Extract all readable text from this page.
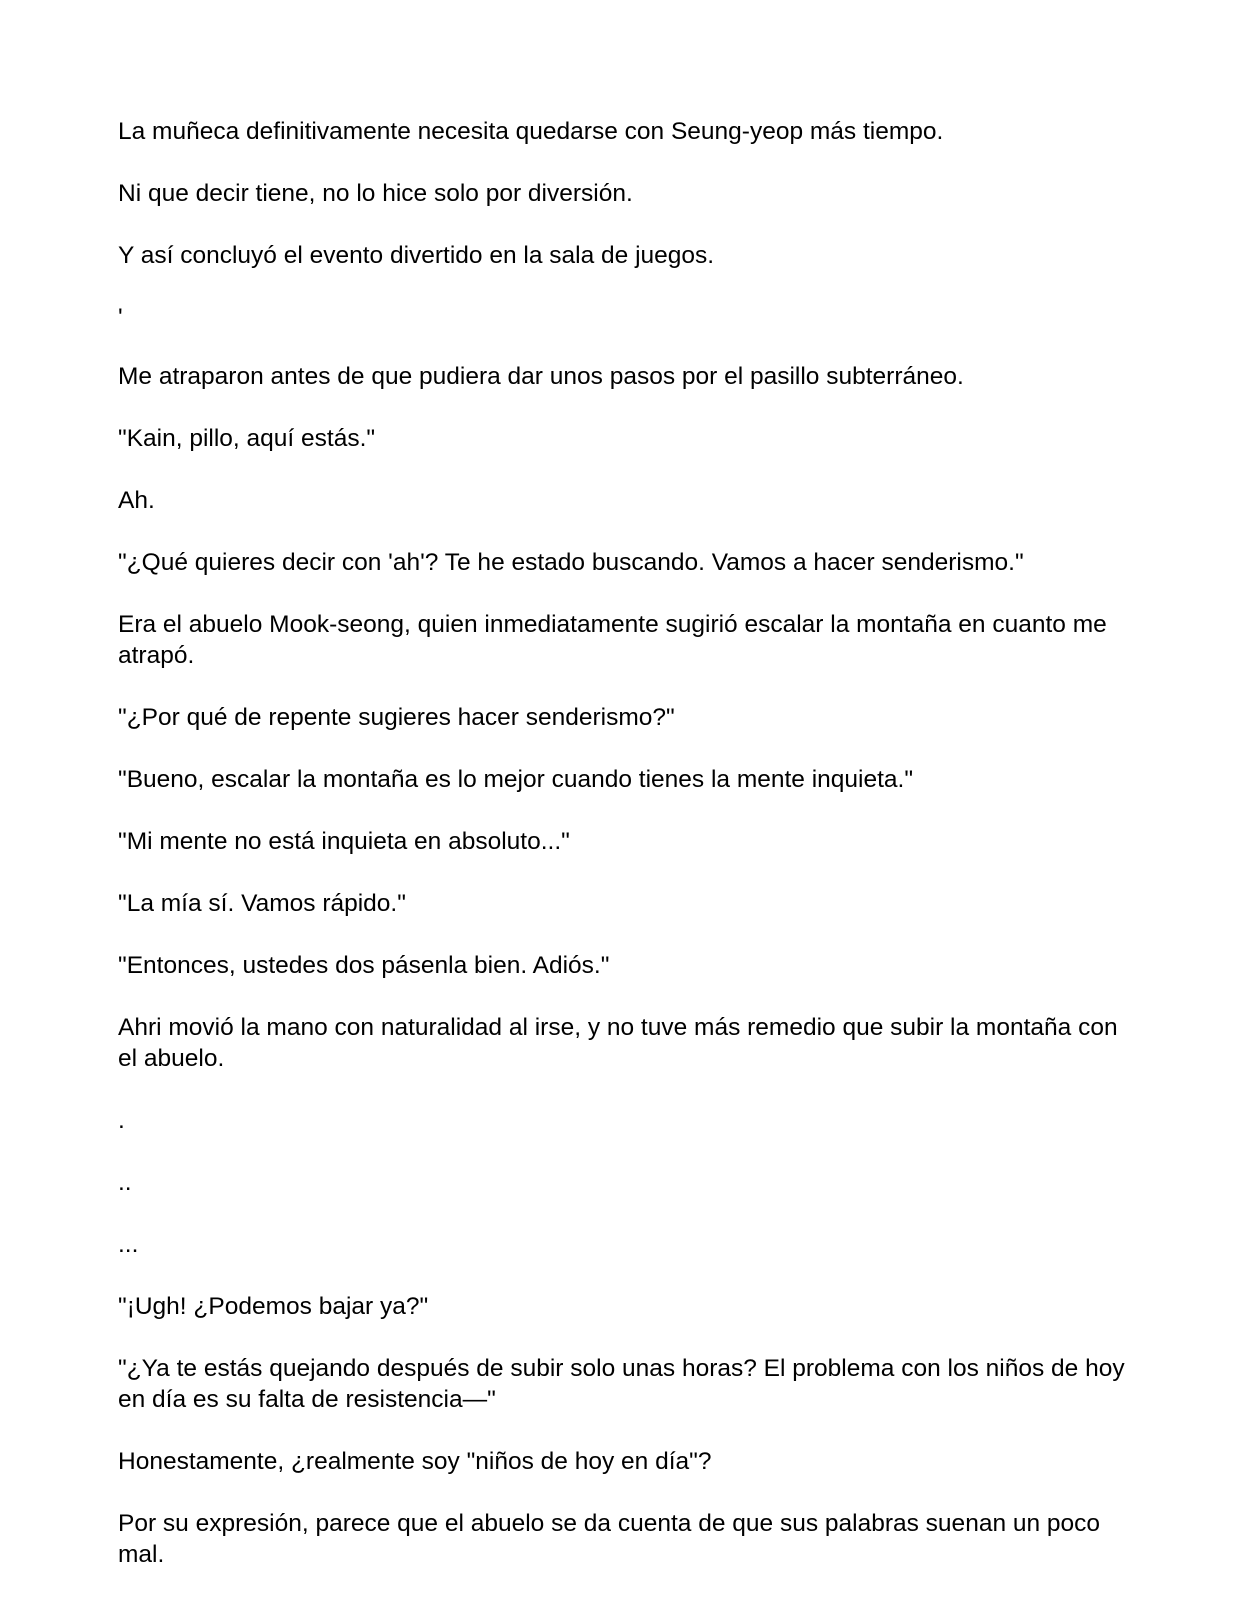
La muñeca definitivamente necesita quedarse con Seung-yeop más tiempo.

Ni que decir tiene, no lo hice solo por diversión.

Y así concluyó el evento divertido en la sala de juegos.

'

Me atraparon antes de que pudiera dar unos pasos por el pasillo subterráneo.

"Kain, pillo, aquí estás."

Ah.

"¿Qué quieres decir con 'ah'? Te he estado buscando. Vamos a hacer senderismo."

Era el abuelo Mook-seong, quien inmediatamente sugirió escalar la montaña en cuanto me atrapó.

"¿Por qué de repente sugieres hacer senderismo?"

"Bueno, escalar la montaña es lo mejor cuando tienes la mente inquieta."

"Mi mente no está inquieta en absoluto..."

"La mía sí. Vamos rápido."

"Entonces, ustedes dos pásenla bien. Adiós."

Ahri movió la mano con naturalidad al irse, y no tuve más remedio que subir la montaña con el abuelo.

.

..

...

"¡Ugh! ¿Podemos bajar ya?"

"¿Ya te estás quejando después de subir solo unas horas? El problema con los niños de hoy en día es su falta de resistencia—"

Honestamente, ¿realmente soy "niños de hoy en día"?

Por su expresión, parece que el abuelo se da cuenta de que sus palabras suenan un poco mal.
